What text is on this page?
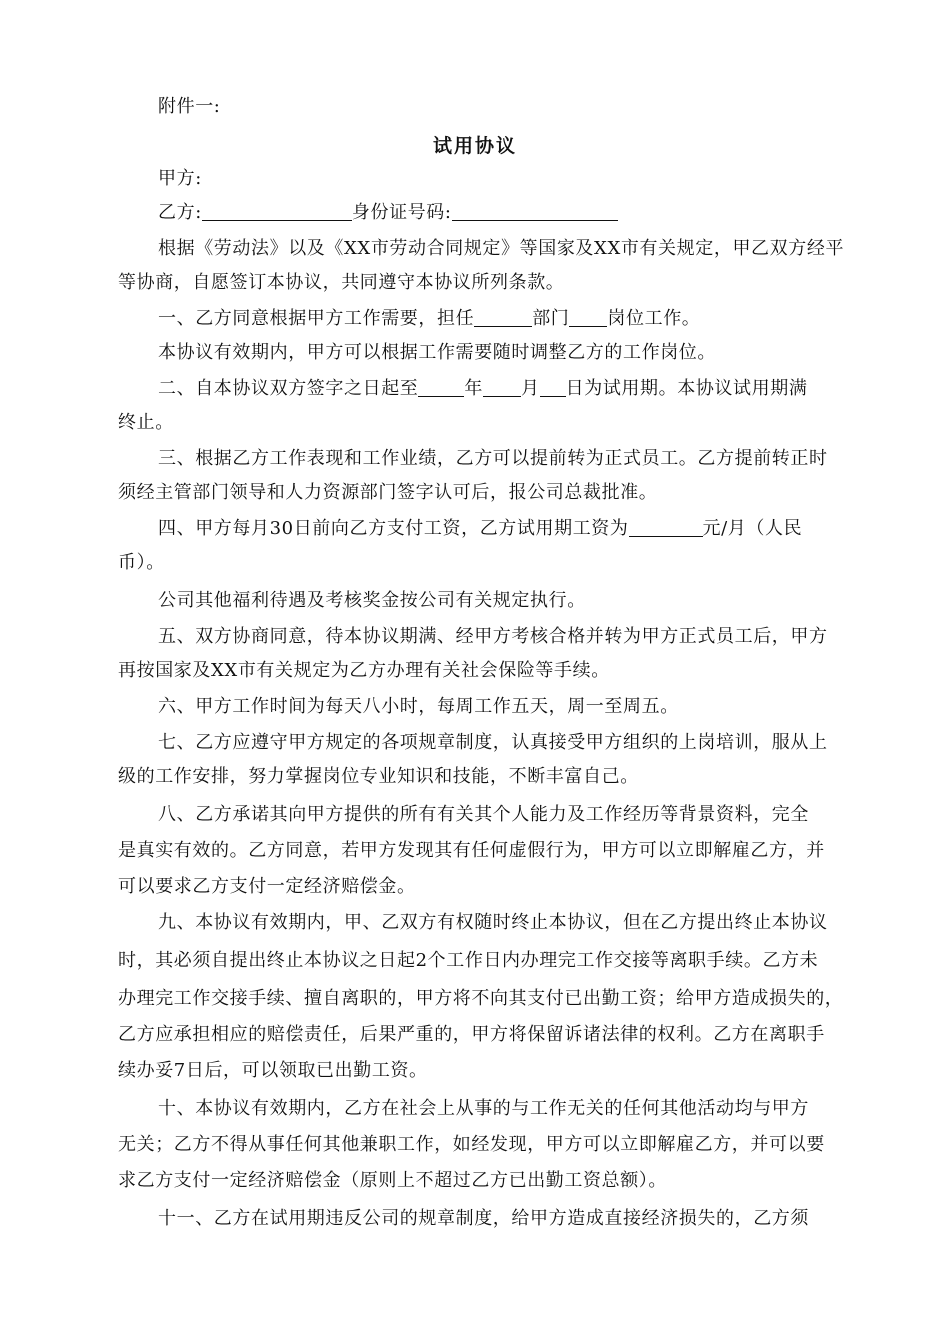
附件一:
试用协议
甲方:
乙方:	身份证号码:
根据《劳动法》以及《XX市劳动合同规定》等国家及XX市有关规定，甲乙双方经平
等协商，自愿签订本协议，共同遵守本协议所列条款。
一、乙方同意根据甲方工作需要，担任	部门 岗位工作。
本协议有效期内，甲方可以根据工作需要随时调整乙方的工作岗位。
二、自本协议双方签字之日起至	年 月 日为试用期。本协议试用期满
终止。
三、根据乙方工作表现和工作业绩，乙方可以提前转为正式员工。乙方提前转正时
须经主管部门领导和人力资源部门签字认可后，报公司总裁批准。
四、甲方每月30日前向乙方支付工资，乙方试用期工资为	元/月（人民
币）。
公司其他福利待遇及考核奖金按公司有关规定执行。
五、双方协商同意，待本协议期满、经甲方考核合格并转为甲方正式员工后，甲方
再按国家及XX市有关规定为乙方办理有关社会保险等手续。
六、甲方工作时间为每天八小时，每周工作五天，周一至周五。
七、乙方应遵守甲方规定的各项规章制度，认真接受甲方组织的上岗培训，服从上
级的工作安排，努力掌握岗位专业知识和技能，不断丰富自己。
八、乙方承诺其向甲方提供的所有有关其个人能力及工作经历等背景资料，完全
是真实有效的。乙方同意，若甲方发现其有任何虚假行为，甲方可以立即解雇乙方，并
可以要求乙方支付一定经济赔偿金。
九、本协议有效期内，甲、乙双方有权随时终止本协议，但在乙方提出终止本协议
时，其必须自提出终止本协议之日起2个工作日内办理完工作交接等离职手续。乙方未
办理完工作交接手续、擅自离职的，甲方将不向其支付已出勤工资；给甲方造成损失的，
乙方应承担相应的赔偿责任，后果严重的，甲方将保留诉诸法律的权利。乙方在离职手
续办妥7日后，可以领取已出勤工资。
十、本协议有效期内，乙方在社会上从事的与工作无关的任何其他活动均与甲方
无关；乙方不得从事任何其他兼职工作，如经发现，甲方可以立即解雇乙方，并可以要
求乙方支付一定经济赔偿金（原则上不超过乙方已出勤工资总额）。
十一、乙方在试用期违反公司的规章制度，给甲方造成直接经济损失的，乙方须
